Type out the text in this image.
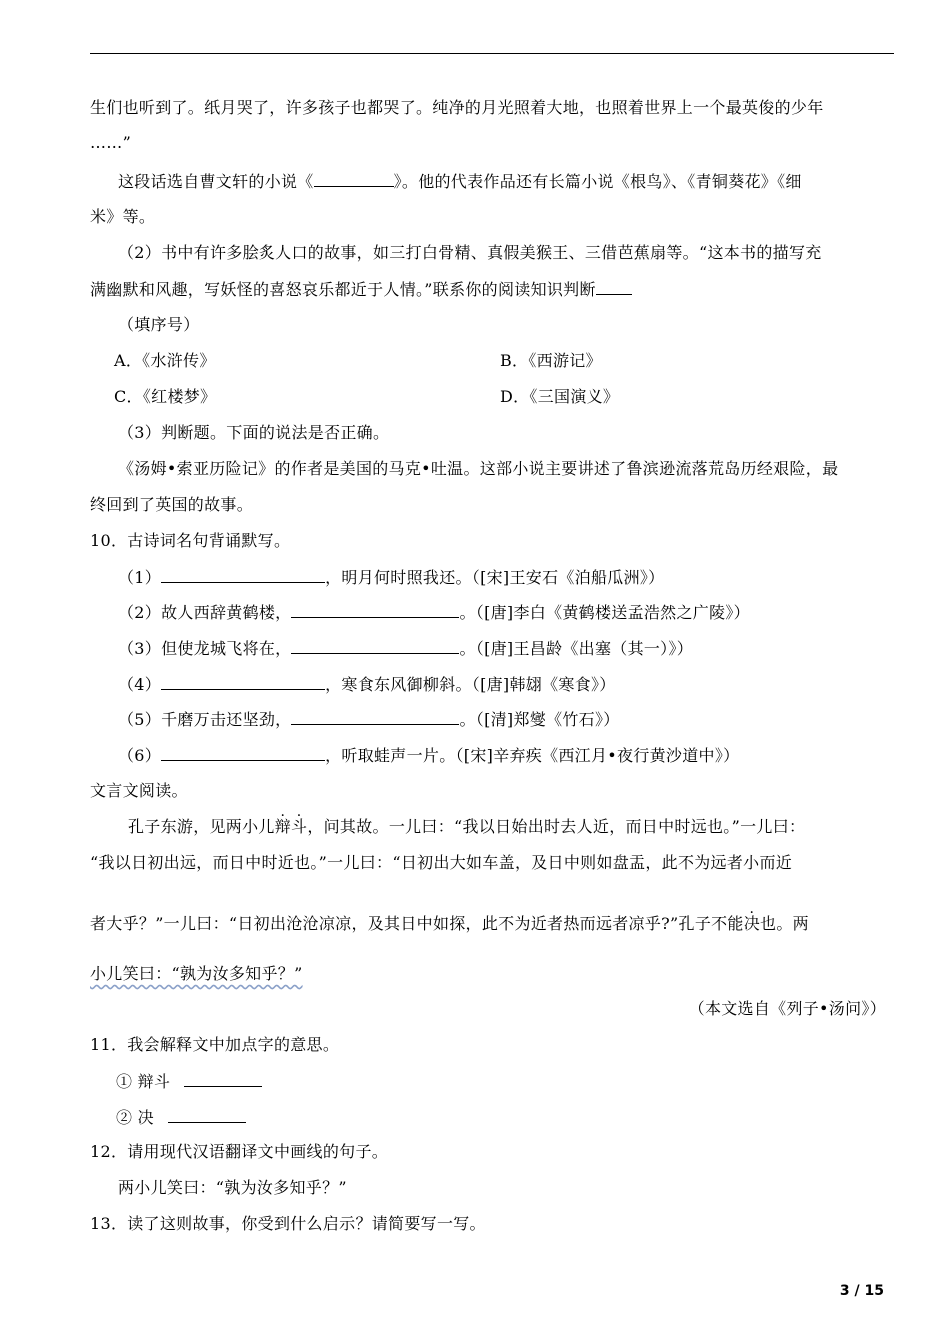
生们也听到了。纸月哭了，许多孩子也都哭了。纯净的月光照着大地，也照着世界上一个最英俊的少年
……”
这段话选自曹文轩的小说《	》。他的代表作品还有长篇小说《根鸟》、《青铜葵花》《细
米》等。
（2）书中有许多脍炙人口的故事，如三打白骨精、真假美猴王、三借芭蕉扇等。“这本书的描写充
满幽默和风趣，写妖怪的喜怒哀乐都近于人情。”联系你的阅读知识判断
（填序号）
A．《水浒传》	B．《西游记》
C．《红楼梦》	D．《三国演义》
（3）判断题。下面的说法是否正确。
《汤姆•索亚历险记》的作者是美国的马克•吐温。这部小说主要讲述了鲁滨逊流落荒岛历经艰险，最
终回到了英国的故事。
10．古诗词名句背诵默写。
（1）	，明月何时照我还。（[宋]王安石《泊船瓜洲》）
（2）故人西辞黄鹤楼，	。（[唐]李白《黄鹤楼送孟浩然之广陵》）
（3）但使龙城飞将在，	。（[唐]王昌龄《出塞（其一）》）
（4）	，寒食东风御柳斜。（[唐]韩翃《寒食》）
（5）千磨万击还坚劲，	。（[清]郑燮《竹石》）
（6）	，听取蛙声一片。（[宋]辛弃疾《西江月•夜行黄沙道中》）
文言文阅读。
孔子东游，见两小儿辩斗，问其故。一儿曰：“我以日始出时去人近，而日中时远也。”一儿曰：
“我以日初出远，而日中时近也。”一儿曰：“日初出大如车盖，及日中则如盘盂，此不为远者小而近
者大乎？”一儿曰：“日初出沧沧凉凉，及其日中如探，此不为近者热而远者凉乎?”孔子不能决也。两
小儿笑曰：“孰为汝多知乎？”
（本文选自《列子•汤问》）
11．我会解释文中加点字的意思。
① 辩斗
② 决
12．请用现代汉语翻译文中画线的句子。
两小儿笑曰：“孰为汝多知乎？”
13．读了这则故事，你受到什么启示？请简要写一写。
3 / 15
